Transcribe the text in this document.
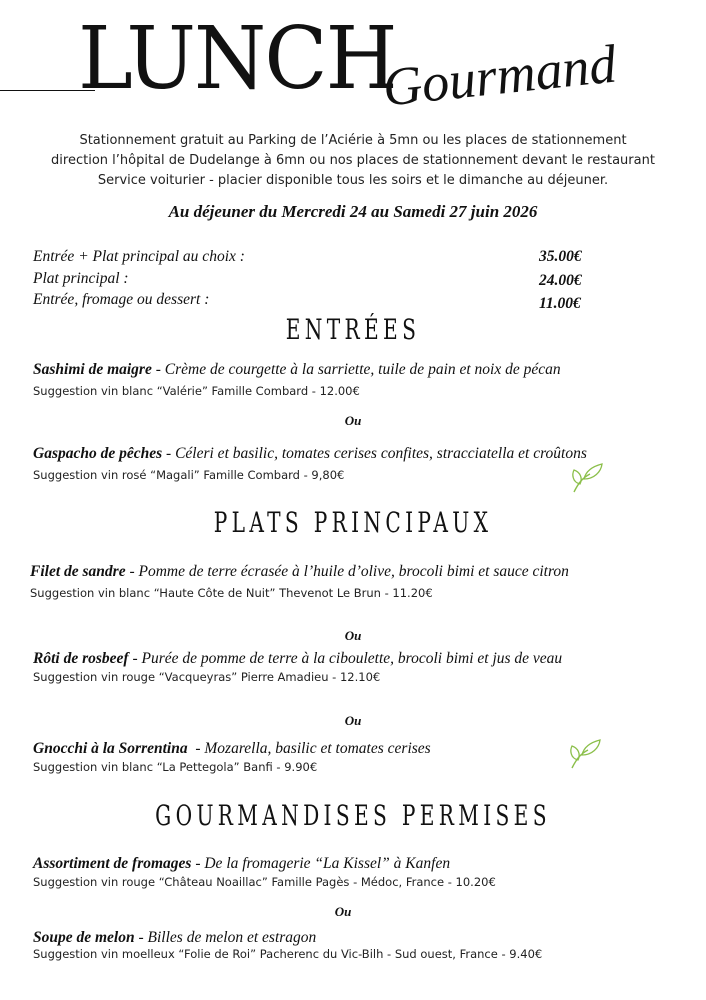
LUNCH
Gourmand
Stationnement gratuit au Parking de l’Aciérie à 5mn ou les places de stationnement
direction l’hôpital de Dudelange à 6mn ou nos places de stationnement devant le restaurant
Service voiturier - placier disponible tous les soirs et le dimanche au déjeuner.
Au déjeuner du Mercredi 24 au Samedi 27 juin 2026
Entrée + Plat principal au choix :	35.00€
Plat principal :	24.00€
Entrée, fromage ou dessert :	11.00€
ENTRÉES
Sashimi de maigre - Crème de courgette à la sarriette, tuile de pain et noix de pécan
Suggestion vin blanc “Valérie” Famille Combard - 12.00€
Ou
Gaspacho de pêches - Céleri et basilic, tomates cerises confites, stracciatella et croûtons
Suggestion vin rosé “Magali” Famille Combard - 9,80€
PLATS PRINCIPAUX
Filet de sandre - Pomme de terre écrasée à l’huile d’olive, brocoli bimi et sauce citron
Suggestion vin blanc “Haute Côte de Nuit” Thevenot Le Brun - 11.20€
Ou
Rôti de rosbeef - Purée de pomme de terre à la ciboulette, brocoli bimi et jus de veau
Suggestion vin rouge “Vacqueyras” Pierre Amadieu - 12.10€
Ou
Gnocchi à la Sorrentina  - Mozarella, basilic et tomates cerises
Suggestion vin blanc “La Pettegola” Banfi - 9.90€
GOURMANDISES PERMISES
Assortiment de fromages - De la fromagerie “La Kissel” à Kanfen
Suggestion vin rouge “Château Noaillac” Famille Pagès - Médoc, France - 10.20€
Ou
Soupe de melon - Billes de melon et estragon
Suggestion vin moelleux “Folie de Roi” Pacherenc du Vic-Bilh - Sud ouest, France - 9.40€
